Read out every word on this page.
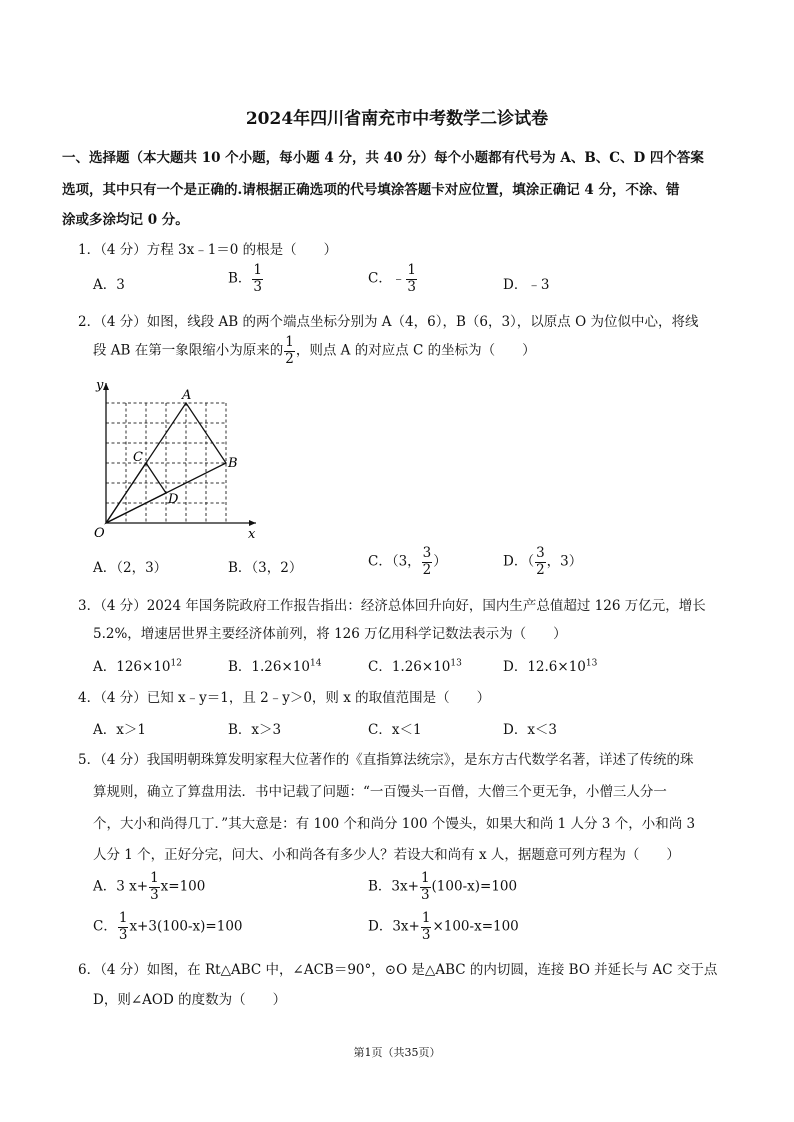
2024年四川省南充市中考数学二诊试卷
一、选择题（本大题共 10 个小题，每小题 4 分，共 40 分）每个小题都有代号为 A、B、C、D 四个答案
选项，其中只有一个是正确的.请根据正确选项的代号填涂答题卡对应位置，填涂正确记 4 分，不涂、错
涂或多涂均记 0 分。
1．（4 分）方程 3x﹣1＝0 的根是（　　）
A．3	B． $\frac{1}{3}$	C．﹣ $\frac{1}{3}$	D．﹣3
2．（4 分）如图，线段 AB 的两个端点坐标分别为 A（4，6），B（6，3），以原点 O 为位似中心，将线
段 AB 在第一象限缩小为原来的 $\frac{1}{2}$ ，则点 A 的对应点 C 的坐标为（　　）
y
x
O
A
B
C
D
A．（2，3）	B．（3，2）	C．（3， $\frac{3}{2}$ ）	D．（ $\frac{3}{2}$ ，3）
3．（4 分）2024 年国务院政府工作报告指出：经济总体回升向好，国内生产总值超过 126 万亿元，增长
5.2%，增速居世界主要经济体前列，将 126 万亿用科学记数法表示为（　　）
A．$126\times 10^{12}$	B．$1.26\times 10^{14}$	C．$1.26\times 10^{13}$	D．$12.6\times 10^{13}$
4．（4 分）已知 x﹣y＝1，且 2﹣y＞0，则 x 的取值范围是（　　）
A．x＞1	B．x＞3	C．x＜1	D．x＜3
5．（4 分）我国明朝珠算发明家程大位著作的《直指算法统宗》，是东方古代数学名著，详述了传统的珠
算规则，确立了算盘用法．书中记载了问题：“一百馒头一百僧，大僧三个更无争，小僧三人分一
个，大小和尚得几丁．”其大意是：有 100 个和尚分 100 个馒头，如果大和尚 1 人分 3 个，小和尚 3
人分 1 个，正好分完，问大、小和尚各有多少人？若设大和尚有 x 人，据题意可列方程为（　　）
A．3 $x+ \frac{1}{3} x=100$	B．$3x+ \frac{1}{3} (100-x)=100$
C． $\frac{1}{3} x+3(100-x)=100$	D．$3x+ \frac{1}{3} \times 100-x=100$
6．（4 分）如图，在 Rt△ABC 中，∠ACB＝90°，⊙O 是△ABC 的内切圆，连接 BO 并延长与 AC 交于点
D，则∠AOD 的度数为（　　）
第1页（共35页）
